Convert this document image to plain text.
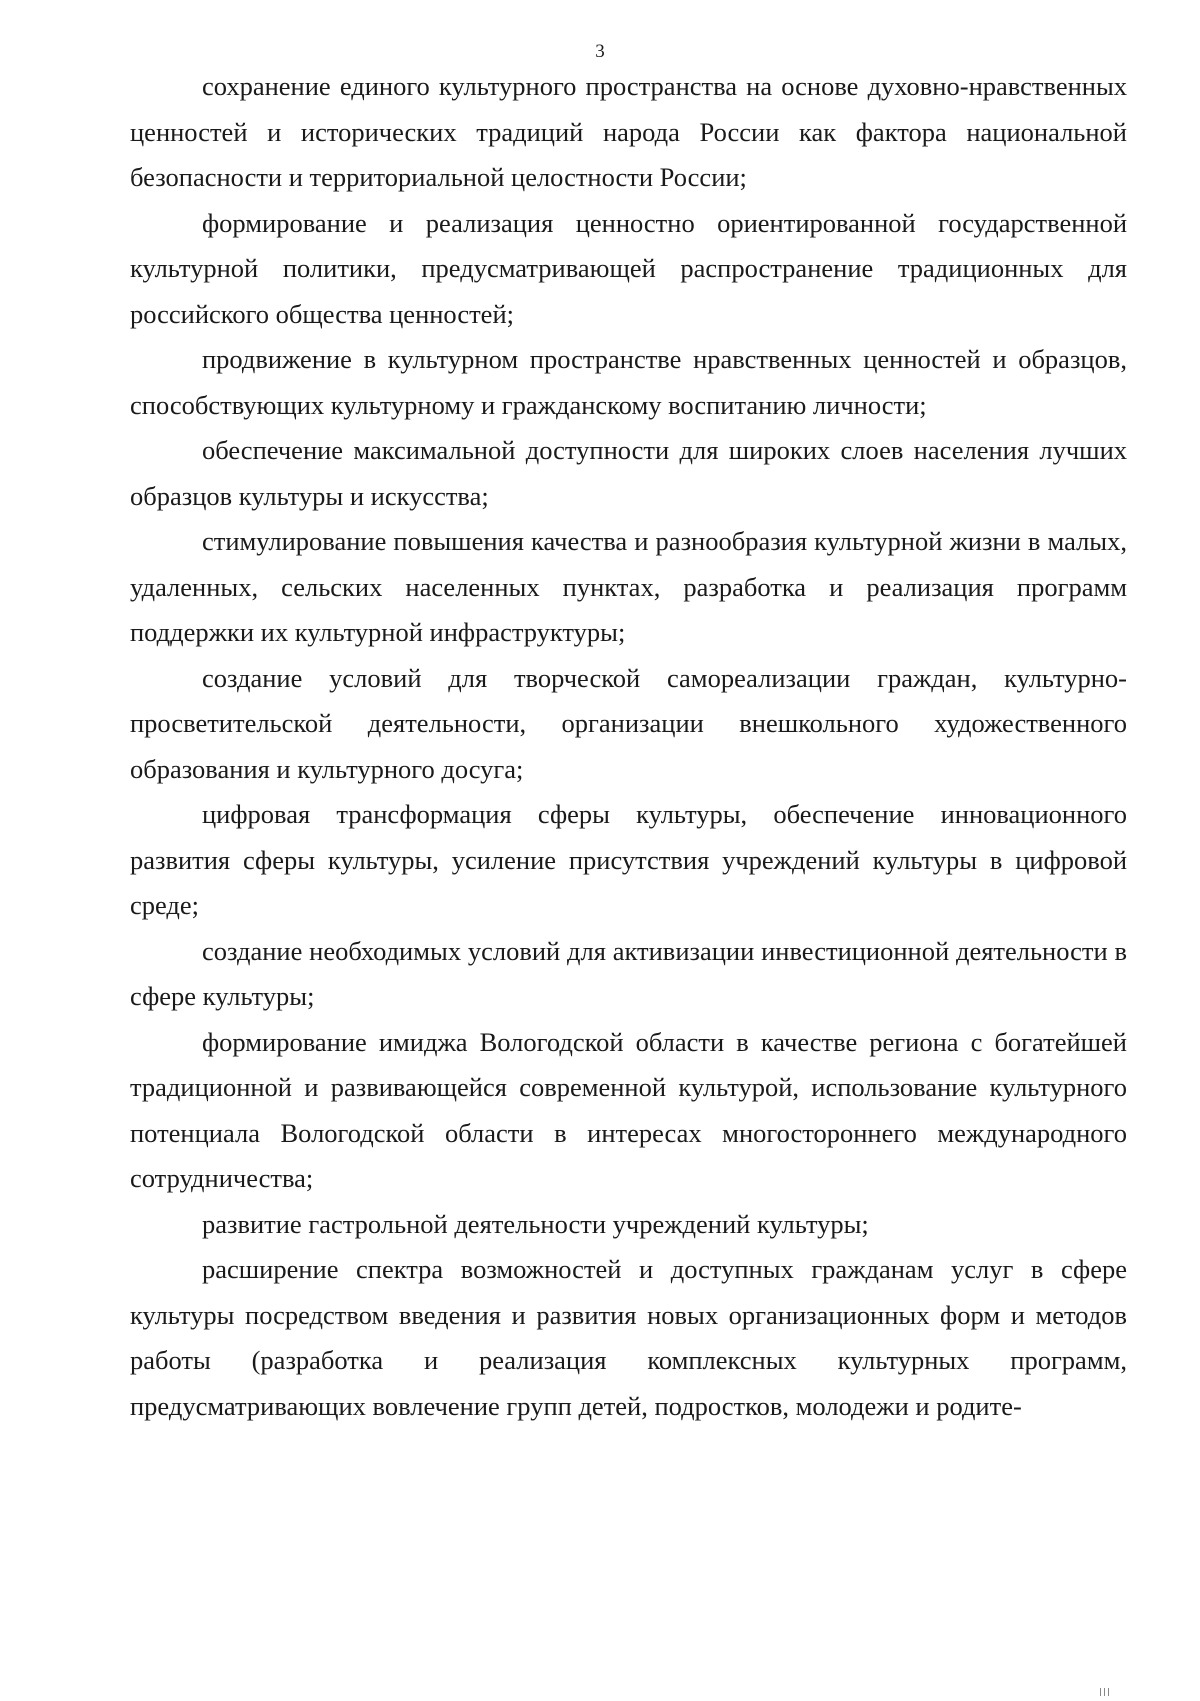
3

сохранение единого культурного пространства на основе духовно-нравственных ценностей и исторических традиций народа России как фактора национальной безопасности и территориальной целостности России;

формирование и реализация ценностно ориентированной государственной культурной политики, предусматривающей распространение традиционных для российского общества ценностей;

продвижение в культурном пространстве нравственных ценностей и образцов, способствующих культурному и гражданскому воспитанию личности;

обеспечение максимальной доступности для широких слоев населения лучших образцов культуры и искусства;

стимулирование повышения качества и разнообразия культурной жизни в малых, удаленных, сельских населенных пунктах, разработка и реализация программ поддержки их культурной инфраструктуры;

создание условий для творческой самореализации граждан, культурно-просветительской деятельности, организации внешкольного художественного образования и культурного досуга;

цифровая трансформация сферы культуры, обеспечение инновационного развития сферы культуры, усиление присутствия учреждений культуры в цифровой среде;

создание необходимых условий для активизации инвестиционной деятельности в сфере культуры;

формирование имиджа Вологодской области в качестве региона с богатейшей традиционной и развивающейся современной культурой, использование культурного потенциала Вологодской области в интересах многостороннего международного сотрудничества;

развитие гастрольной деятельности учреждений культуры;

расширение спектра возможностей и доступных гражданам услуг в сфере культуры посредством введения и развития новых организационных форм и методов работы (разработка и реализация комплексных культурных программ, предусматривающих вовлечение групп детей, подростков, молодежи и родите-
